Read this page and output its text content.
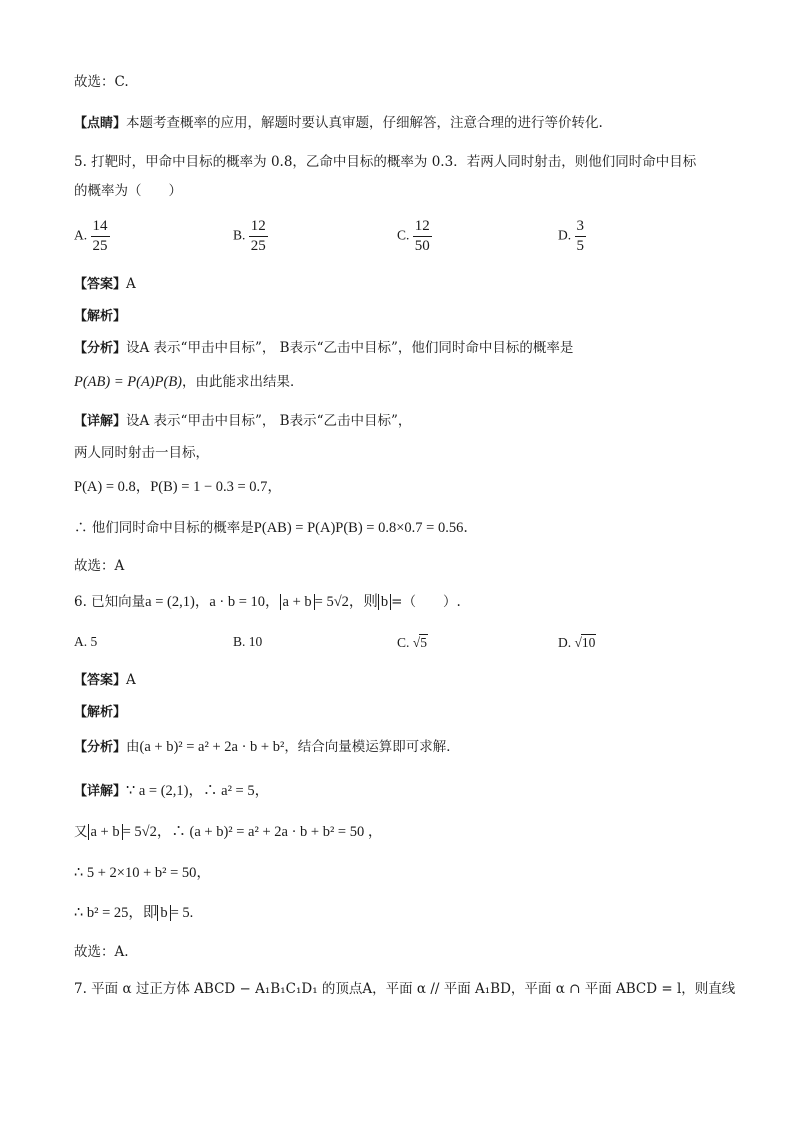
故选：C.
【点睛】本题考查概率的应用，解题时要认真审题，仔细解答，注意合理的进行等价转化.
5. 打靶时，甲命中目标的概率为 0.8，乙命中目标的概率为 0.3．若两人同时射击，则他们同时命中目标
的概率为（　　）
A. $\frac{14}{25}$	B. $\frac{12}{25}$	C. $\frac{12}{50}$	D. $\frac{3}{5}$
【答案】A
【解析】
【分析】设A 表示“甲击中目标”， B表示“乙击中目标”，他们同时命中目标的概率是
P(AB) = P(A)P(B)，由此能求出结果．
【详解】设A 表示“甲击中目标”， B表示“乙击中目标”，
两人同时射击一目标，
P(A) = 0.8，P(B) = 1 − 0.3 = 0.7，
∴ 他们同时命中目标的概率是P(AB) = P(A)P(B) = 0.8×0.7 = 0.56．
故选：A
6. 已知向量a = (2,1)，a · b = 10， a + b = 5√2，则 b =（　　）.
A. 5	B. 10	C. √5	D. √10
【答案】A
【解析】
【分析】由(a + b)² = a² + 2a · b + b²，结合向量模运算即可求解．
【详解】∵ a = (2,1)，∴ a² = 5，
又 a + b = 5√2，∴ (a + b)² = a² + 2a · b + b² = 50 ，
∴ 5 + 2×10 + b² = 50，
∴ b² = 25，即 b = 5.
故选：A.
7. 平面 α 过正方体 ABCD − A₁B₁C₁D₁ 的顶点A，平面 α // 平面 A₁BD，平面 α ∩ 平面 ABCD = l，则直线
